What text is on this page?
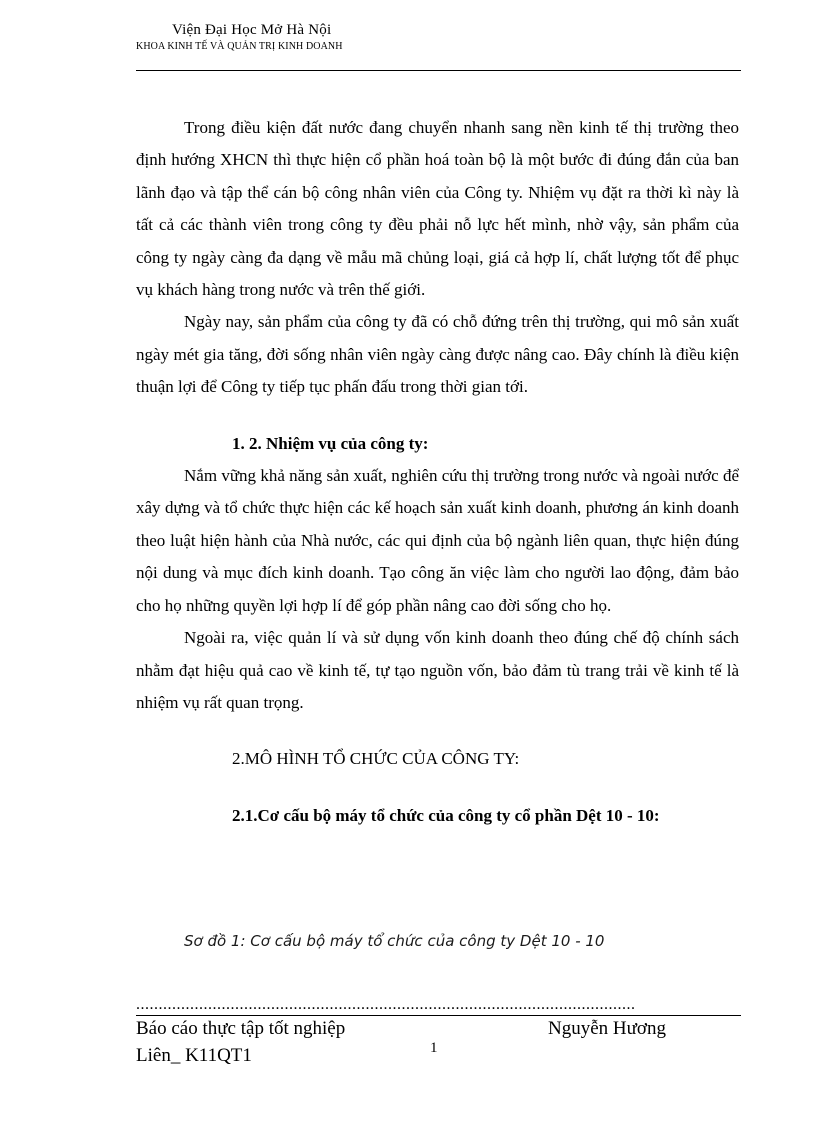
Viện Đại Học Mở Hà Nội
KHOA KINH TẾ VÀ QUẢN TRỊ KINH DOANH

Trong điều kiện đất nước đang chuyển nhanh sang nền kinh tế thị trường theo định hướng XHCN thì thực hiện cổ phần hoá toàn bộ là một bước đi đúng đắn của ban lãnh đạo và tập thể cán bộ công nhân viên của Công ty. Nhiệm vụ đặt ra thời kì này là tất cả các thành viên trong công ty đều phải nỗ lực hết mình, nhờ vậy, sản phẩm của công ty ngày càng đa dạng về mẫu mã chủng loại, giá cả hợp lí, chất lượng tốt để phục vụ khách hàng trong nước và trên thế giới.

Ngày nay, sản phẩm của công ty đã có chỗ đứng trên thị trường, qui mô sản xuất ngày mét gia tăng, đời sống nhân viên ngày càng được nâng cao. Đây chính là điều kiện thuận lợi để Công ty tiếp tục phấn đấu trong thời gian tới.

1. 2. Nhiệm vụ của công ty:

Nắm vững khả năng sản xuất, nghiên cứu thị trường trong nước và ngoài nước để xây dựng và tổ chức thực hiện các kế hoạch sản xuất kinh doanh, phương án kinh doanh theo luật hiện hành của Nhà nước, các qui định của bộ ngành liên quan, thực hiện đúng nội dung và mục đích kinh doanh. Tạo công ăn việc làm cho người lao động, đảm bảo cho họ những quyền lợi hợp lí để góp phần nâng cao đời sống cho họ.

Ngoài ra, việc quản lí và sử dụng vốn kinh doanh theo đúng chế độ chính sách nhằm đạt hiệu quả cao về kinh tế, tự tạo nguồn vốn, bảo đảm tù trang trải về kinh tế là nhiệm vụ rất quan trọng.

2.MÔ HÌNH TỔ CHỨC CỦA CÔNG TY:

2.1.Cơ cấu bộ máy tổ chức của công ty cổ phần Dệt 10 - 10:

Sơ đồ 1: Cơ cấu bộ máy tổ chức của công ty Dệt 10 - 10
...............................................................................................................
Báo cáo thực tập tốt nghiệp	Nguyễn Hương
Liên_ K11QT1	1
